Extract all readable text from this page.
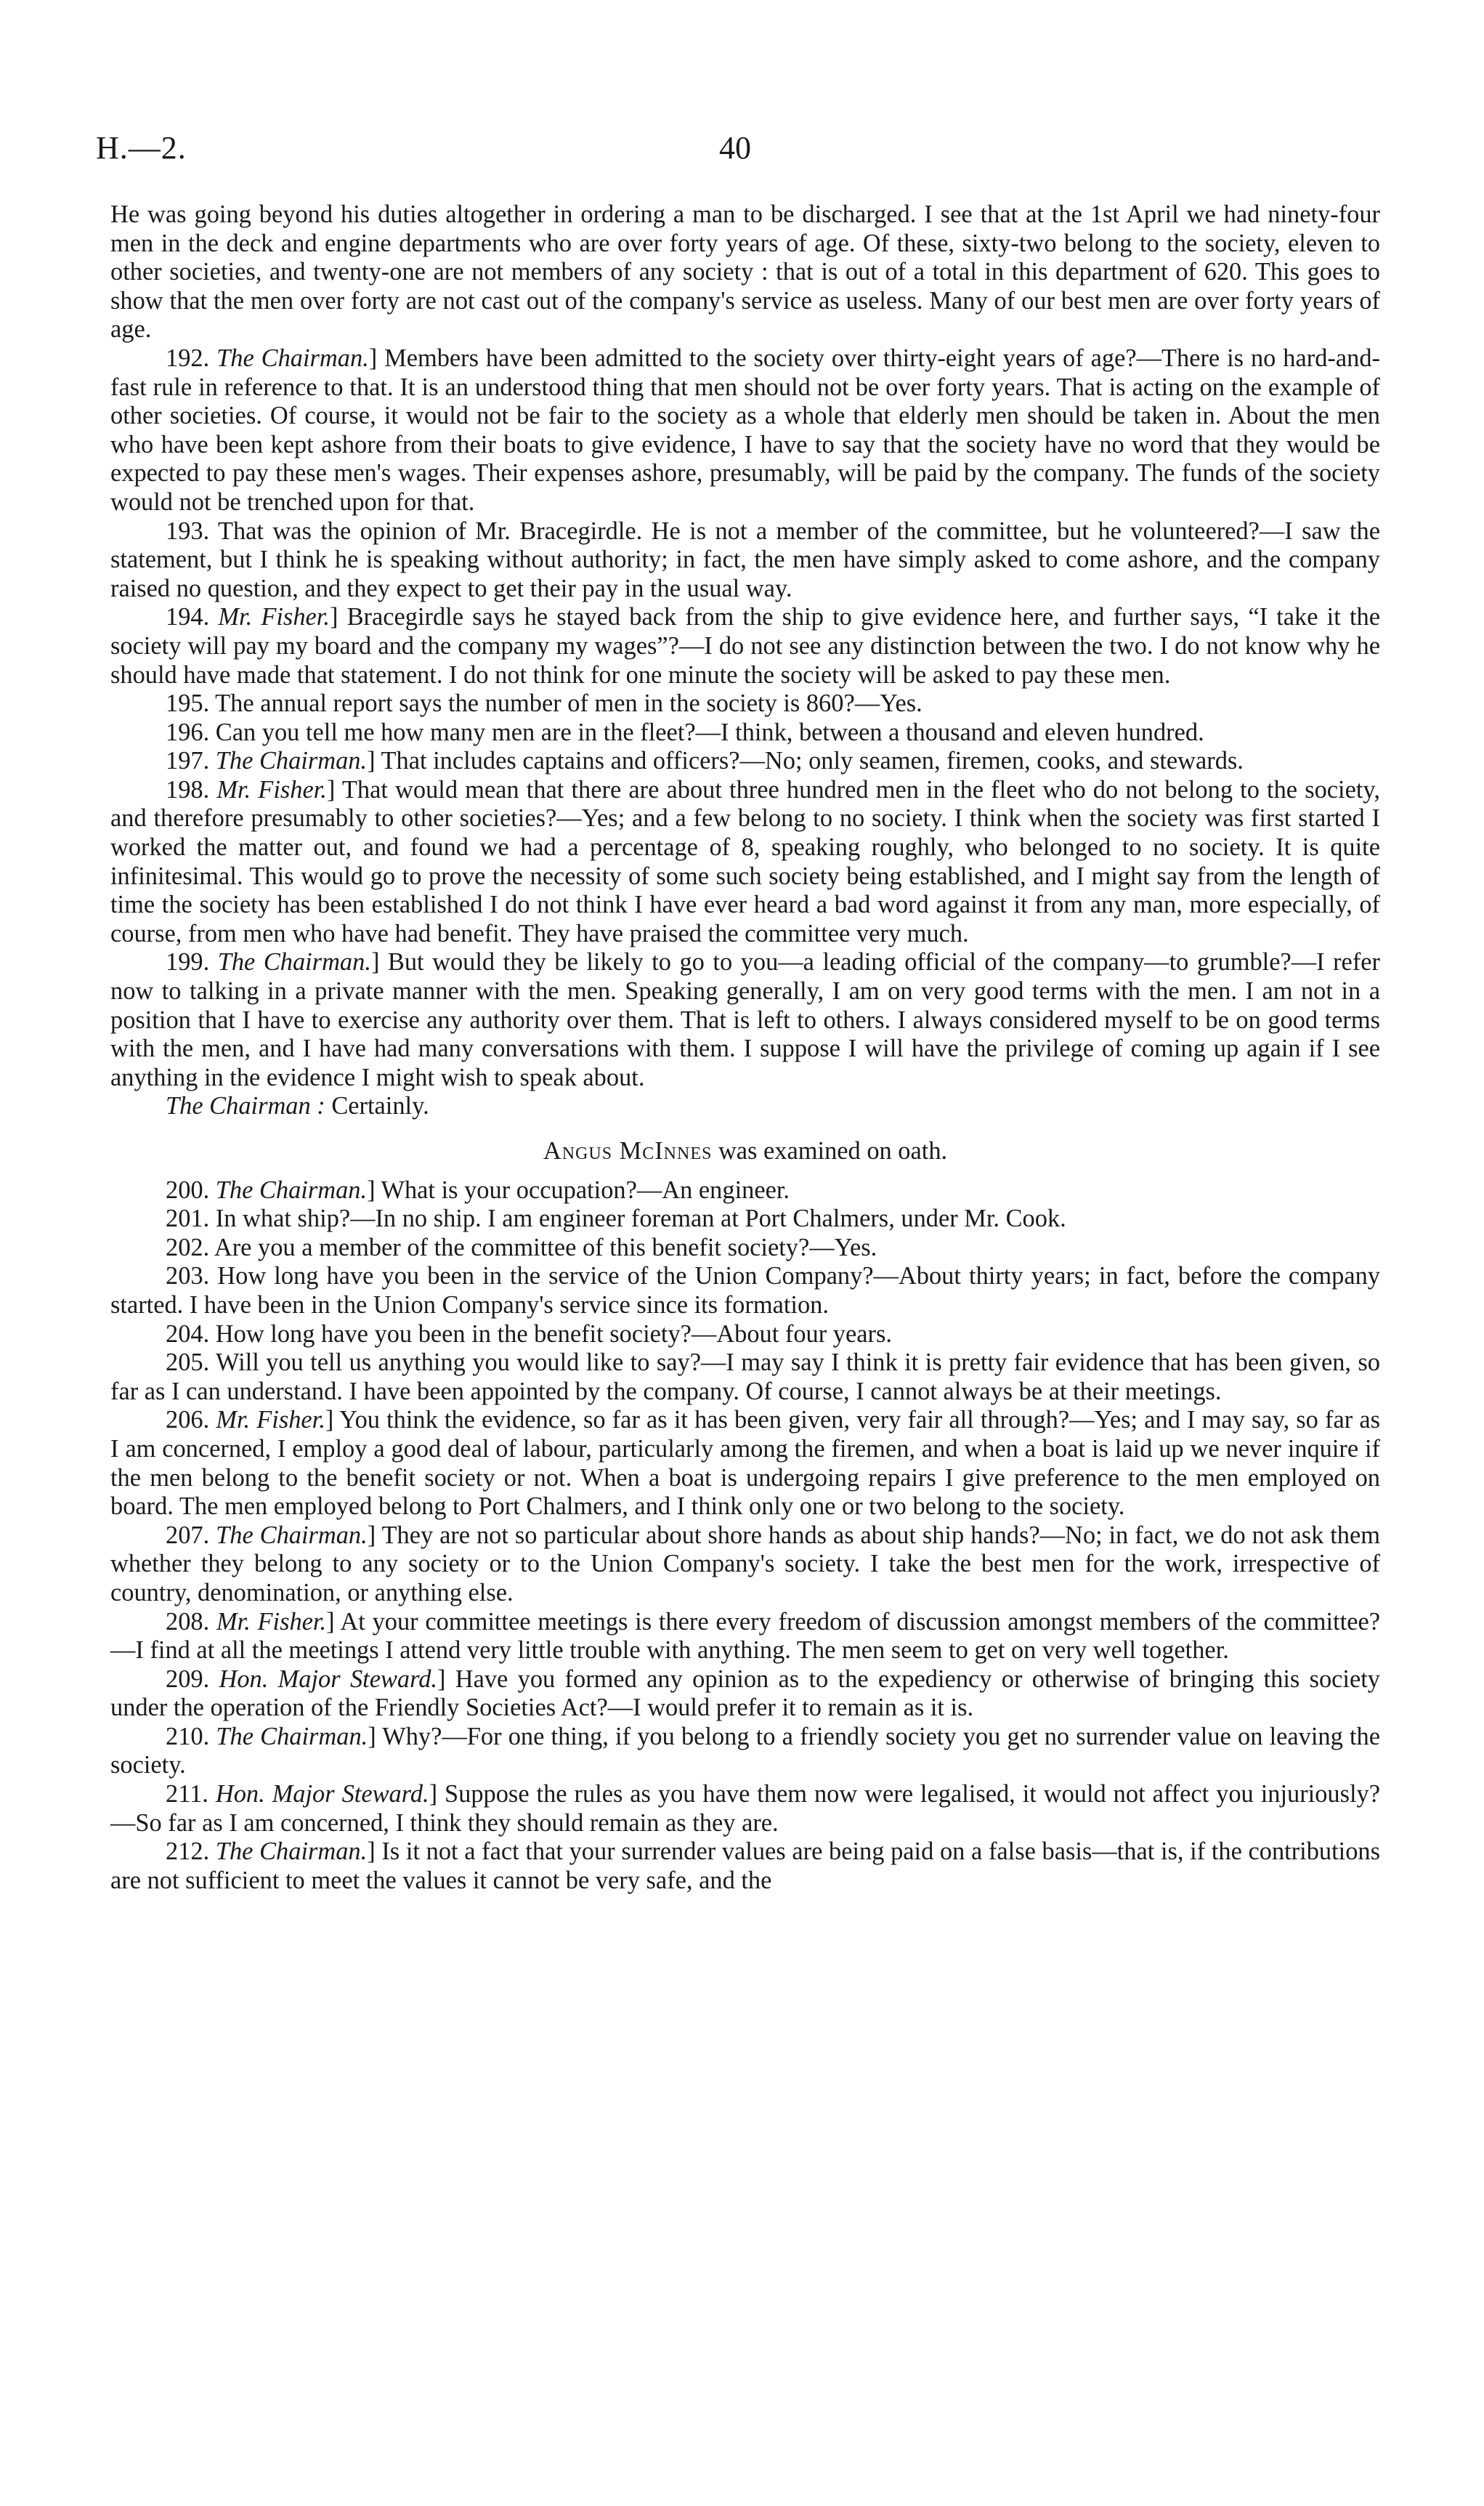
H.—2.	40

He was going beyond his duties altogether in ordering a man to be discharged. I see that at the 1st April we had ninety-four men in the deck and engine departments who are over forty years of age. Of these, sixty-two belong to the society, eleven to other societies, and twenty-one are not members of any society : that is out of a total in this department of 620. This goes to show that the men over forty are not cast out of the company's service as useless. Many of our best men are over forty years of age.

192. The Chairman.] Members have been admitted to the society over thirty-eight years of age?—There is no hard-and-fast rule in reference to that. It is an understood thing that men should not be over forty years. That is acting on the example of other societies. Of course, it would not be fair to the society as a whole that elderly men should be taken in. About the men who have been kept ashore from their boats to give evidence, I have to say that the society have no word that they would be expected to pay these men's wages. Their expenses ashore, presumably, will be paid by the company. The funds of the society would not be trenched upon for that.

193. That was the opinion of Mr. Bracegirdle. He is not a member of the committee, but he volunteered?—I saw the statement, but I think he is speaking without authority; in fact, the men have simply asked to come ashore, and the company raised no question, and they expect to get their pay in the usual way.

194. Mr. Fisher.] Bracegirdle says he stayed back from the ship to give evidence here, and further says, “I take it the society will pay my board and the company my wages”?—I do not see any distinction between the two. I do not know why he should have made that statement. I do not think for one minute the society will be asked to pay these men.

195. The annual report says the number of men in the society is 860?—Yes.

196. Can you tell me how many men are in the fleet?—I think, between a thousand and eleven hundred.

197. The Chairman.] That includes captains and officers?—No; only seamen, firemen, cooks, and stewards.

198. Mr. Fisher.] That would mean that there are about three hundred men in the fleet who do not belong to the society, and therefore presumably to other societies?—Yes; and a few belong to no society. I think when the society was first started I worked the matter out, and found we had a percentage of 8, speaking roughly, who belonged to no society. It is quite infinitesimal. This would go to prove the necessity of some such society being established, and I might say from the length of time the society has been established I do not think I have ever heard a bad word against it from any man, more especially, of course, from men who have had benefit. They have praised the committee very much.

199. The Chairman.] But would they be likely to go to you—a leading official of the company—to grumble?—I refer now to talking in a private manner with the men. Speaking generally, I am on very good terms with the men. I am not in a position that I have to exercise any authority over them. That is left to others. I always considered myself to be on good terms with the men, and I have had many conversations with them. I suppose I will have the privilege of coming up again if I see anything in the evidence I might wish to speak about.

The Chairman : Certainly.

Angus McInnes was examined on oath.

200. The Chairman.] What is your occupation?—An engineer.

201. In what ship?—In no ship. I am engineer foreman at Port Chalmers, under Mr. Cook.

202. Are you a member of the committee of this benefit society?—Yes.

203. How long have you been in the service of the Union Company?—About thirty years; in fact, before the company started. I have been in the Union Company's service since its formation.

204. How long have you been in the benefit society?—About four years.

205. Will you tell us anything you would like to say?—I may say I think it is pretty fair evidence that has been given, so far as I can understand. I have been appointed by the company. Of course, I cannot always be at their meetings.

206. Mr. Fisher.] You think the evidence, so far as it has been given, very fair all through?—Yes; and I may say, so far as I am concerned, I employ a good deal of labour, particularly among the firemen, and when a boat is laid up we never inquire if the men belong to the benefit society or not. When a boat is undergoing repairs I give preference to the men employed on board. The men employed belong to Port Chalmers, and I think only one or two belong to the society.

207. The Chairman.] They are not so particular about shore hands as about ship hands?—No; in fact, we do not ask them whether they belong to any society or to the Union Company's society. I take the best men for the work, irrespective of country, denomination, or anything else.

208. Mr. Fisher.] At your committee meetings is there every freedom of discussion amongst members of the committee?—I find at all the meetings I attend very little trouble with anything. The men seem to get on very well together.

209. Hon. Major Steward.] Have you formed any opinion as to the expediency or otherwise of bringing this society under the operation of the Friendly Societies Act?—I would prefer it to remain as it is.

210. The Chairman.] Why?—For one thing, if you belong to a friendly society you get no surrender value on leaving the society.

211. Hon. Major Steward.] Suppose the rules as you have them now were legalised, it would not affect you injuriously?—So far as I am concerned, I think they should remain as they are.

212. The Chairman.] Is it not a fact that your surrender values are being paid on a false basis—that is, if the contributions are not sufficient to meet the values it cannot be very safe, and the
